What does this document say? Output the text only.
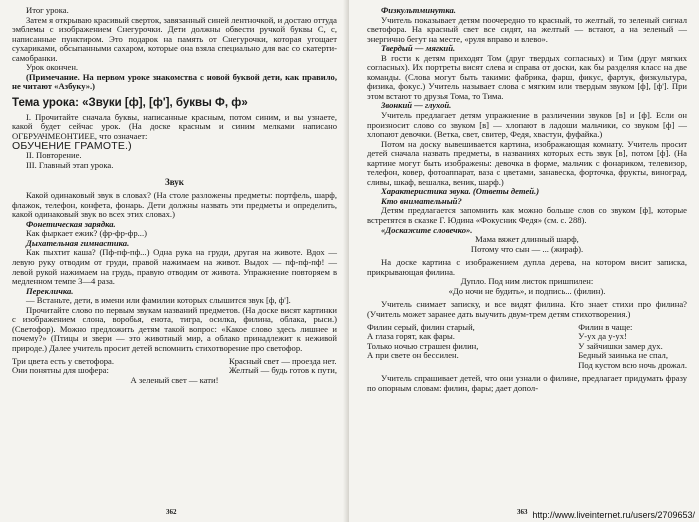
Итог урока.

Затем я открываю красивый сверток, завязанный синей лентночкой, и достаю оттуда эмблемы с изображением Снегурочки. Дети должны обвести ручкой буквы С, с, написанные пунктиром. Это подарок на память от Снегурочки, которая угощает сухариками, обсыпанными сахаром, которые она взяла специально для вас со скатерти-самобранки.

Урок окончен.

(Примечание. На первом уроке знакомства с новой буквой дети, как правило, не читают «Азбуку».)

Тема урока: «Звуки [ф], [ф'], буквы Ф, ф»

I. Прочитайте сначала буквы, написанные красным, потом синим, и вы узнаете, какой будет сейчас урок. (На доске красным и синим мелками написано ОГБРУАЧМЕОНТИЕЕ, что означает:

ОБУЧЕНИЕ ГРАМОТЕ.)

II. Повторение.

III. Главный этап урока.

Звук

Какой одинаковый звук в словах? (На столе разложены предметы: портфель, шарф, флажок, телефон, конфета, фонарь. Дети должны назвать эти предметы и определить, какой одинаковый звук во всех этих словах.)

Фонетическая зарядка.

Как фыркает ежик? (фр-фр-фр...)

Дыхательная гимнастика.

Как пыхтит каша? (Пф-пф-пф...) Одна рука на груди, другая на животе. Вдох — левую руку отводим от груди, правой нажимаем на живот. Выдох — пф-пф-пф! — левой рукой нажимаем на грудь, правую отводим от живота. Упражнение повторяем в медленном темпе 3—4 раза.

Перекличка.

— Встаньте, дети, в имени или фамилии которых слышится звук [ф, ф'].

Прочитайте слово по первым звукам названий предметов. (На доске висят картинки с изображением слона, воробья, енота, тигра, осилка, филина, облака, рыси.) (Светофор). Можно предложить детям такой вопрос: «Какое слово здесь лишнее и почему?» (Птицы и звери — это животный мир, а облако принадлежит к неживой природе.) Далее учитель просит детей вспомнить стихотворение про светофор.

Три цвета есть у светофора.
Они понятны для шофера:
Красный свет — проезда нет.
Желтый — будь готов к пути,

А зеленый свет — кати!

362

Физкультминутка.

Учитель показывает детям поочередно то красный, то желтый, то зеленый сигнал светофора. На красный свет все сидят, на желтый — встают, а на зеленый — энергично бегут на месте, «руля вправо и влево».

Твердый — мягкий.

В гости к детям приходят Том (друг твердых согласных) и Тим (друг мягких согласных). Их портреты висят слева и справа от доски, как бы разделяя класс на две команды. (Слова могут быть такими: фабрика, фарш, фикус, фартук, физкультура, физика, фокус.) Учитель называет слова с мягким или твердым звуком [ф], [ф']. При этом встают то друзья Тома, то Тима.

Звонкий — глухой.

Учитель предлагает детям упражнение в различении звуков [в] и [ф]. Если он произносит слово со звуком [в] — хлопают в ладоши мальчики, со звуком [ф] — хлопают девочки. (Ветка, свет, свитер, Федя, хвастун, фуфайка.)

Потом на доску вывешивается картина, изображающая комнату. Учитель просит детей сначала назвать предметы, в названиях которых есть звук [в], потом [ф]. (На картине могут быть изображены: девочка в форме, мальчик с фонариком, телевизор, телефон, ковер, фотоаппарат, ваза с цветами, занавеска, форточка, фрукты, виноград, сливы, шкаф, вешалка, веник, шарф.)

Характеристика звука. (Ответы детей.)

Кто внимательный?

Детям предлагается запомнить как можно больше слов со звуком [ф], которые встретятся в сказке Г. Юдина «Фокусник Федя» (см. с. 288).

«Доскажите словечко».

Мама вяжет длинный шарф,

Потому что сын — ... (жираф).

На доске картина с изображением дупла дерева, на котором висит записка, прикрывающая филина.

Дупло. Под ним листок пришпилен:

«До ночи не будить», и подпись... (филин).

Учитель снимает записку, и все видят филина. Кто знает стихи про филина? (Учитель может заранее дать выучить двум-трем детям стихотворения.)

Филин серый, филин старый,
А глаза горят, как фары.
Только ночью страшен филин,
А при свете он бессилен.
Филин в чаще:
У-ух да у-ух!
У зайчишки замер дух.
Бедный заинька не спал,
Под кустом всю ночь дрожал.

Учитель спрашивает детей, что они узнали о филине, предлагает придумать фразу по опорным словам: филин, фары; дает допол-

363 http://www.liveinternet.ru/users/2709653/
